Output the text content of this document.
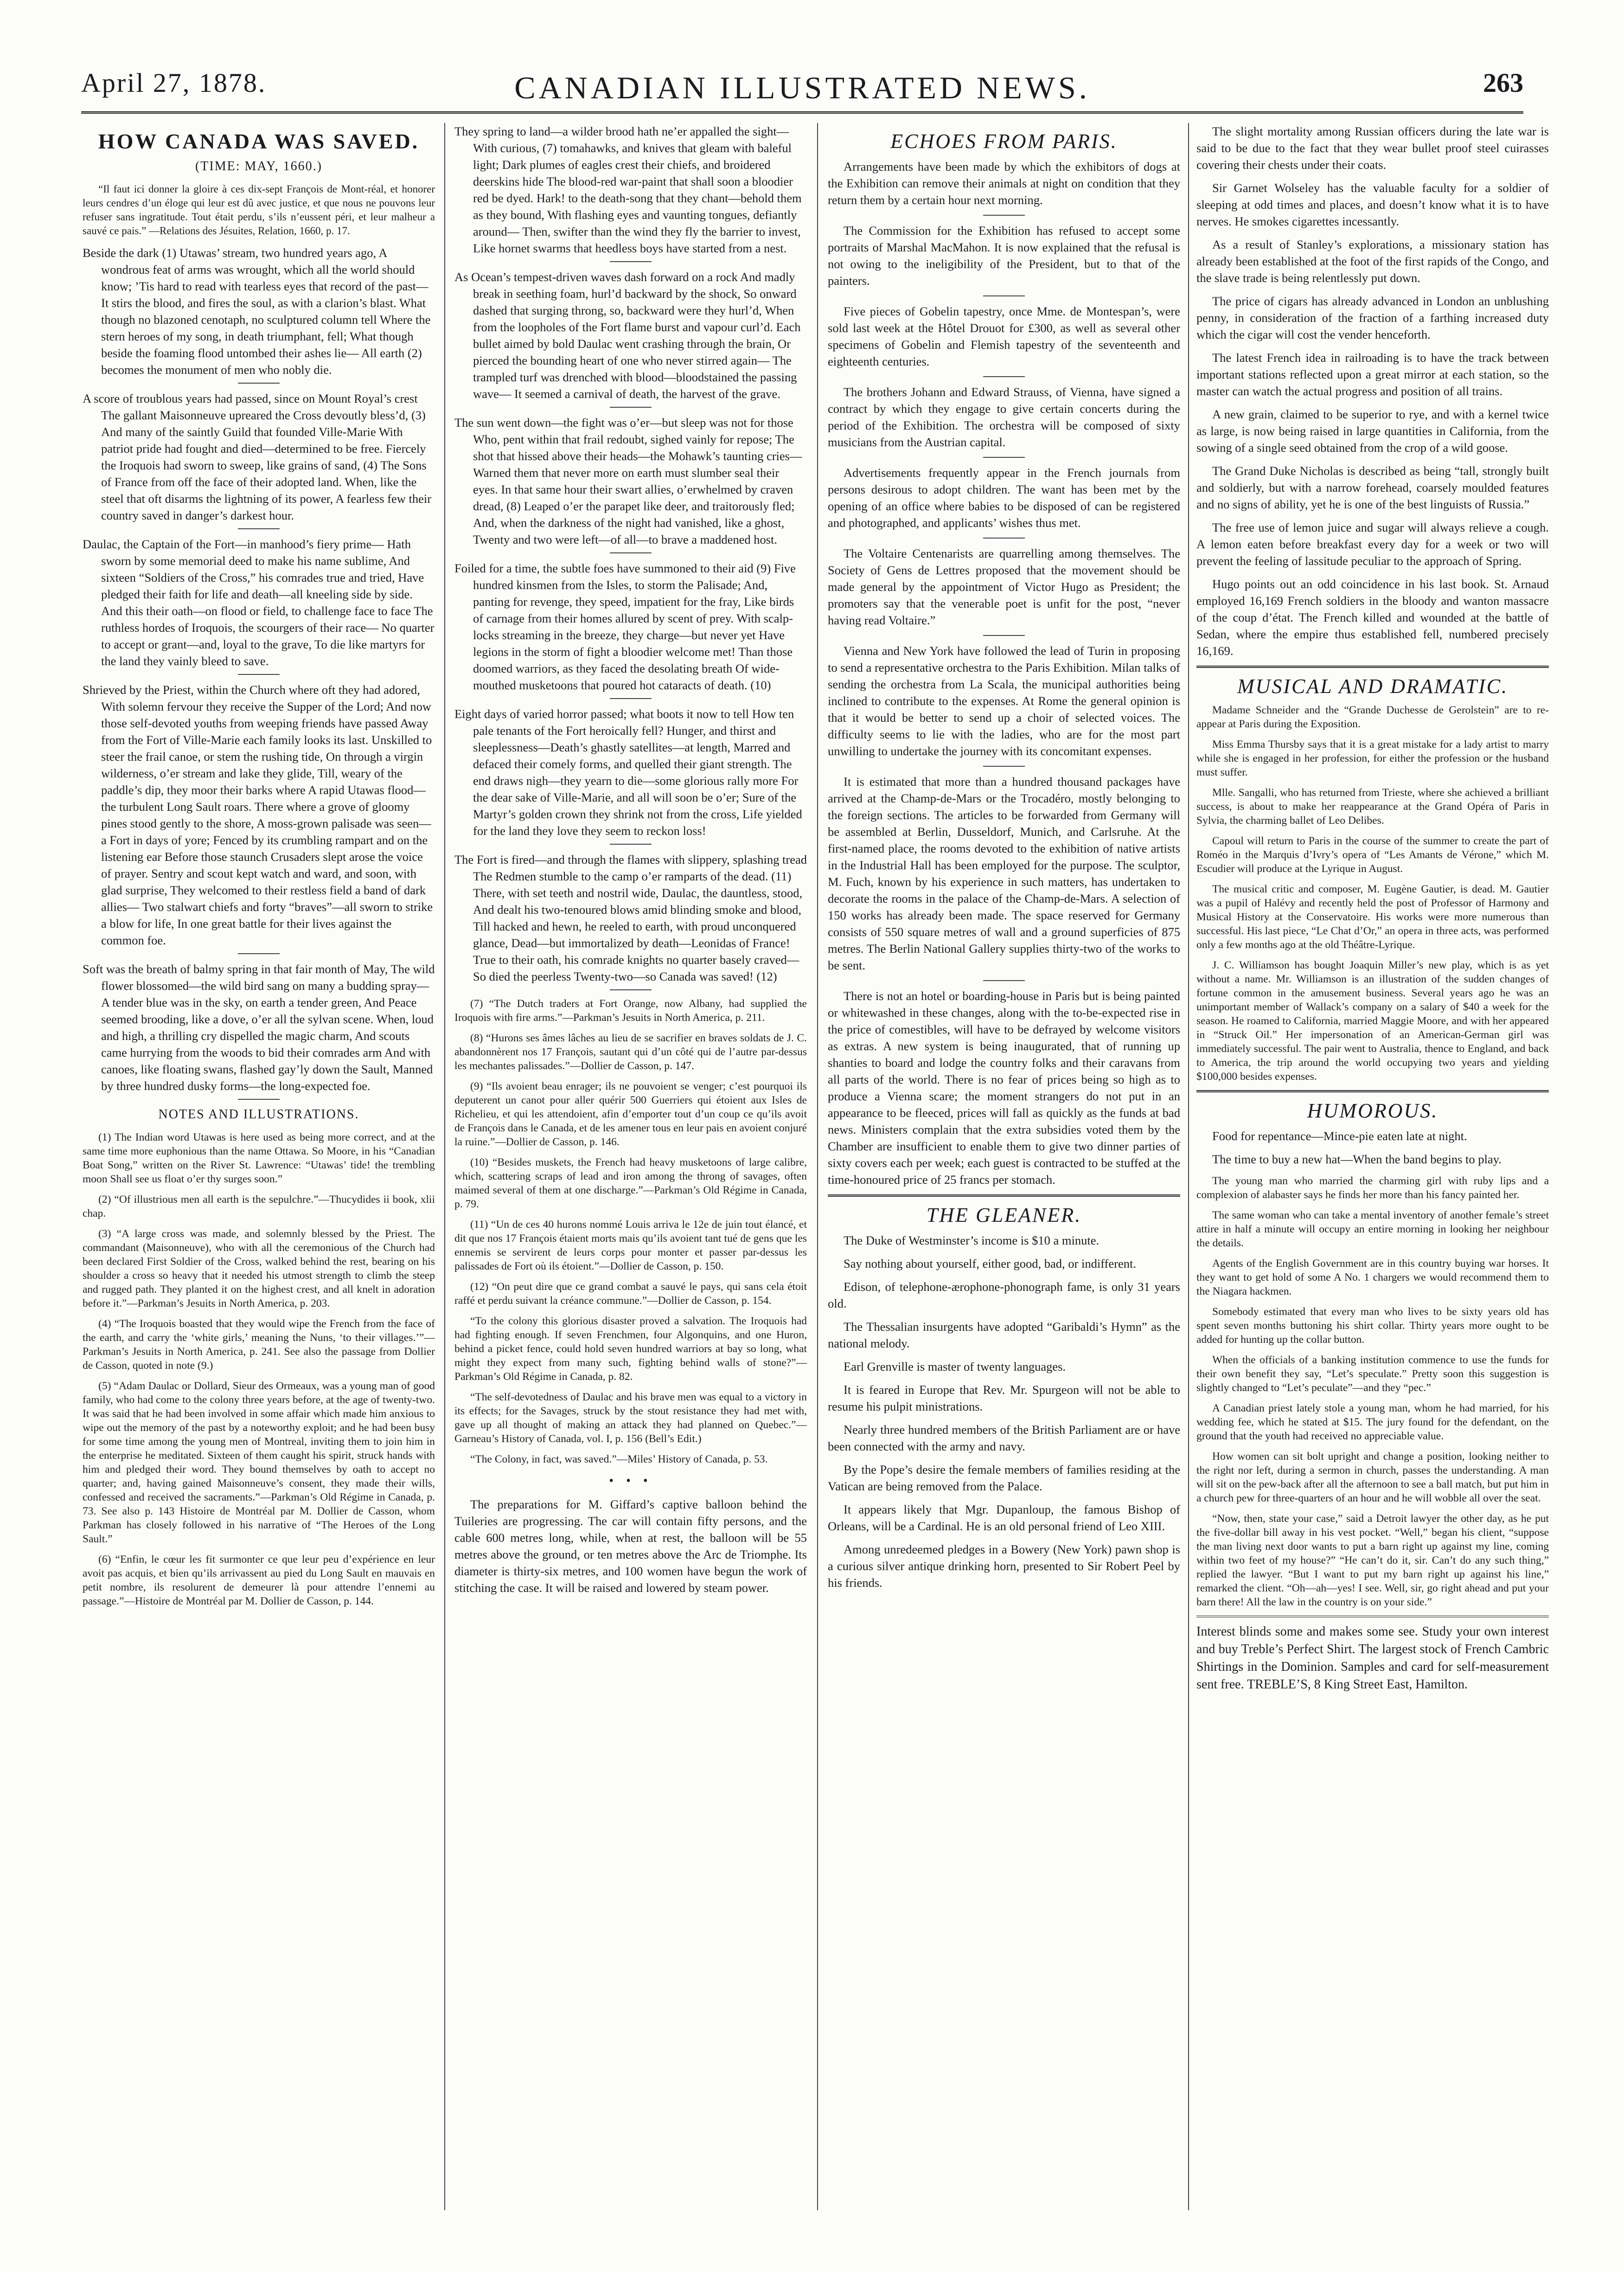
April 27, 1878.	CANADIAN ILLUSTRATED NEWS.	263
HOW CANADA WAS SAVED.
(TIME: MAY, 1660.)

“Il faut ici donner la gloire à ces dix-sept François de Mont-réal, et honorer leurs cendres d’un éloge qui leur est dû avec justice, et que nous ne pouvons leur refuser sans ingratitude. Tout était perdu, s’ils n’eussent péri, et leur malheur a sauvé ce pais.” —Relations des Jésuites, Relation, 1660, p. 17.

Beside the dark (1) Utawas’ stream, two hundred years ago, A wondrous feat of arms was wrought, which all the world should know; ’Tis hard to read with tearless eyes that record of the past— It stirs the blood, and fires the soul, as with a clarion’s blast. What though no blazoned cenotaph, no sculptured column tell Where the stern heroes of my song, in death triumphant, fell; What though beside the foaming flood untombed their ashes lie— All earth (2) becomes the monument of men who nobly die.

A score of troublous years had passed, since on Mount Royal’s crest The gallant Maisonneuve upreared the Cross devoutly bless’d, (3) And many of the saintly Guild that founded Ville-Marie With patriot pride had fought and died—determined to be free. Fiercely the Iroquois had sworn to sweep, like grains of sand, (4) The Sons of France from off the face of their adopted land. When, like the steel that oft disarms the lightning of its power, A fearless few their country saved in danger’s darkest hour.

Daulac, the Captain of the Fort—in manhood’s fiery prime— Hath sworn by some memorial deed to make his name sublime, And sixteen “Soldiers of the Cross,” his comrades true and tried, Have pledged their faith for life and death—all kneeling side by side. And this their oath—on flood or field, to challenge face to face The ruthless hordes of Iroquois, the scourgers of their race— No quarter to accept or grant—and, loyal to the grave, To die like martyrs for the land they vainly bleed to save.

Shrieved by the Priest, within the Church where oft they had adored, With solemn fervour they receive the Supper of the Lord; And now those self-devoted youths from weeping friends have passed Away from the Fort of Ville-Marie each family looks its last. Unskilled to steer the frail canoe, or stem the rushing tide, On through a virgin wilderness, o’er stream and lake they glide, Till, weary of the paddle’s dip, they moor their barks where A rapid Utawas flood—the turbulent Long Sault roars. There where a grove of gloomy pines stood gently to the shore, A moss-grown palisade was seen—a Fort in days of yore; Fenced by its crumbling rampart and on the listening ear Before those staunch Crusaders slept arose the voice of prayer. Sentry and scout kept watch and ward, and soon, with glad surprise, They welcomed to their restless field a band of dark allies— Two stalwart chiefs and forty “braves”—all sworn to strike a blow for life, In one great battle for their lives against the common foe.

Soft was the breath of balmy spring in that fair month of May, The wild flower blossomed—the wild bird sang on many a budding spray— A tender blue was in the sky, on earth a tender green, And Peace seemed brooding, like a dove, o’er all the sylvan scene. When, loud and high, a thrilling cry dispelled the magic charm, And scouts came hurrying from the woods to bid their comrades arm And with canoes, like floating swans, flashed gay’ly down the Sault, Manned by three hundred dusky forms—the long-expected foe.

NOTES AND ILLUSTRATIONS.

(1) The Indian word Utawas is here used as being more correct, and at the same time more euphonious than the name Ottawa. So Moore, in his “Canadian Boat Song,” written on the River St. Lawrence: “Utawas’ tide! the trembling moon Shall see us float o’er thy surges soon.”

(2) “Of illustrious men all earth is the sepulchre.”—Thucydides ii book, xlii chap.

(3) “A large cross was made, and solemnly blessed by the Priest. The commandant (Maisonneuve), who with all the ceremonious of the Church had been declared First Soldier of the Cross, walked behind the rest, bearing on his shoulder a cross so heavy that it needed his utmost strength to climb the steep and rugged path. They planted it on the highest crest, and all knelt in adoration before it.”—Parkman’s Jesuits in North America, p. 203.

(4) “The Iroquois boasted that they would wipe the French from the face of the earth, and carry the ‘white girls,’ meaning the Nuns, ‘to their villages.’”—Parkman’s Jesuits in North America, p. 241. See also the passage from Dollier de Casson, quoted in note (9.)

(5) “Adam Daulac or Dollard, Sieur des Ormeaux, was a young man of good family, who had come to the colony three years before, at the age of twenty-two. It was said that he had been involved in some affair which made him anxious to wipe out the memory of the past by a noteworthy exploit; and he had been busy for some time among the young men of Montreal, inviting them to join him in the enterprise he meditated. Sixteen of them caught his spirit, struck hands with him and pledged their word. They bound themselves by oath to accept no quarter; and, having gained Maisonneuve’s consent, they made their wills, confessed and received the sacraments.”—Parkman’s Old Régime in Canada, p. 73. See also p. 143 Histoire de Montréal par M. Dollier de Casson, whom Parkman has closely followed in his narrative of “The Heroes of the Long Sault.”

(6) “Enfin, le cœur les fit surmonter ce que leur peu d’expérience en leur avoit pas acquis, et bien qu’ils arrivassent au pied du Long Sault en mauvais en petit nombre, ils resolurent de demeurer là pour attendre l’ennemi au passage.”—Histoire de Montréal par M. Dollier de Casson, p. 144.

They spring to land—a wilder brood hath ne’er appalled the sight— With curious, (7) tomahawks, and knives that gleam with baleful light; Dark plumes of eagles crest their chiefs, and broidered deerskins hide The blood-red war-paint that shall soon a bloodier red be dyed. Hark! to the death-song that they chant—behold them as they bound, With flashing eyes and vaunting tongues, defiantly around— Then, swifter than the wind they fly the barrier to invest, Like hornet swarms that heedless boys have started from a nest.

As Ocean’s tempest-driven waves dash forward on a rock And madly break in seething foam, hurl’d backward by the shock, So onward dashed that surging throng, so, backward were they hurl’d, When from the loopholes of the Fort flame burst and vapour curl’d. Each bullet aimed by bold Daulac went crashing through the brain, Or pierced the bounding heart of one who never stirred again— The trampled turf was drenched with blood—bloodstained the passing wave— It seemed a carnival of death, the harvest of the grave.

The sun went down—the fight was o’er—but sleep was not for those Who, pent within that frail redoubt, sighed vainly for repose; The shot that hissed above their heads—the Mohawk’s taunting cries— Warned them that never more on earth must slumber seal their eyes. In that same hour their swart allies, o’erwhelmed by craven dread, (8) Leaped o’er the parapet like deer, and traitorously fled; And, when the darkness of the night had vanished, like a ghost, Twenty and two were left—of all—to brave a maddened host.

Foiled for a time, the subtle foes have summoned to their aid (9) Five hundred kinsmen from the Isles, to storm the Palisade; And, panting for revenge, they speed, impatient for the fray, Like birds of carnage from their homes allured by scent of prey. With scalp-locks streaming in the breeze, they charge—but never yet Have legions in the storm of fight a bloodier welcome met! Than those doomed warriors, as they faced the desolating breath Of wide-mouthed musketoons that poured hot cataracts of death. (10)

Eight days of varied horror passed; what boots it now to tell How ten pale tenants of the Fort heroically fell? Hunger, and thirst and sleeplessness—Death’s ghastly satellites—at length, Marred and defaced their comely forms, and quelled their giant strength. The end draws nigh—they yearn to die—some glorious rally more For the dear sake of Ville-Marie, and all will soon be o’er; Sure of the Martyr’s golden crown they shrink not from the cross, Life yielded for the land they love they seem to reckon loss!

The Fort is fired—and through the flames with slippery, splashing tread The Redmen stumble to the camp o’er ramparts of the dead. (11) There, with set teeth and nostril wide, Daulac, the dauntless, stood, And dealt his two-tenoured blows amid blinding smoke and blood, Till hacked and hewn, he reeled to earth, with proud unconquered glance, Dead—but immortalized by death—Leonidas of France! True to their oath, his comrade knights no quarter basely craved— So died the peerless Twenty-two—so Canada was saved! (12)

(7) “The Dutch traders at Fort Orange, now Albany, had supplied the Iroquois with fire arms.”—Parkman’s Jesuits in North America, p. 211.

(8) “Hurons ses âmes lâches au lieu de se sacrifier en braves soldats de J. C. abandonnèrent nos 17 François, sautant qui d’un côté qui de l’autre par-dessus les mechantes palissades.”—Dollier de Casson, p. 147.

(9) “Ils avoient beau enrager; ils ne pouvoient se venger; c’est pourquoi ils deputerent un canot pour aller quérir 500 Guerriers qui étoient aux Isles de Richelieu, et qui les attendoient, afin d’emporter tout d’un coup ce qu’ils avoit de François dans le Canada, et de les amener tous en leur pais en avoient conjuré la ruine.”—Dollier de Casson, p. 146.

(10) “Besides muskets, the French had heavy musketoons of large calibre, which, scattering scraps of lead and iron among the throng of savages, often maimed several of them at one discharge.”—Parkman’s Old Régime in Canada, p. 79.

(11) “Un de ces 40 hurons nommé Louis arriva le 12e de juin tout élancé, et dit que nos 17 François étaient morts mais qu’ils avoient tant tué de gens que les ennemis se servirent de leurs corps pour monter et passer par-dessus les palissades de Fort où ils étoient.”—Dollier de Casson, p. 150.

(12) “On peut dire que ce grand combat a sauvé le pays, qui sans cela étoit raffé et perdu suivant la créance commune.”—Dollier de Casson, p. 154.

“To the colony this glorious disaster proved a salvation. The Iroquois had had fighting enough. If seven Frenchmen, four Algonquins, and one Huron, behind a picket fence, could hold seven hundred warriors at bay so long, what might they expect from many such, fighting behind walls of stone?”—Parkman’s Old Régime in Canada, p. 82.

“The self-devotedness of Daulac and his brave men was equal to a victory in its effects; for the Savages, struck by the stout resistance they had met with, gave up all thought of making an attack they had planned on Quebec.”—Garneau’s History of Canada, vol. I, p. 156 (Bell’s Edit.)

“The Colony, in fact, was saved.”—Miles’ History of Canada, p. 53.

• • •

The preparations for M. Giffard’s captive balloon behind the Tuileries are progressing. The car will contain fifty persons, and the cable 600 metres long, while, when at rest, the balloon will be 55 metres above the ground, or ten metres above the Arc de Triomphe. Its diameter is thirty-six metres, and 100 women have begun the work of stitching the case. It will be raised and lowered by steam power.

ECHOES FROM PARIS.

Arrangements have been made by which the exhibitors of dogs at the Exhibition can remove their animals at night on condition that they return them by a certain hour next morning.

The Commission for the Exhibition has refused to accept some portraits of Marshal MacMahon. It is now explained that the refusal is not owing to the ineligibility of the President, but to that of the painters.

Five pieces of Gobelin tapestry, once Mme. de Montespan’s, were sold last week at the Hôtel Drouot for £300, as well as several other specimens of Gobelin and Flemish tapestry of the seventeenth and eighteenth centuries.

The brothers Johann and Edward Strauss, of Vienna, have signed a contract by which they engage to give certain concerts during the period of the Exhibition. The orchestra will be composed of sixty musicians from the Austrian capital.

Advertisements frequently appear in the French journals from persons desirous to adopt children. The want has been met by the opening of an office where babies to be disposed of can be registered and photographed, and applicants’ wishes thus met.

The Voltaire Centenarists are quarrelling among themselves. The Society of Gens de Lettres proposed that the movement should be made general by the appointment of Victor Hugo as President; the promoters say that the venerable poet is unfit for the post, “never having read Voltaire.”

Vienna and New York have followed the lead of Turin in proposing to send a representative orchestra to the Paris Exhibition. Milan talks of sending the orchestra from La Scala, the municipal authorities being inclined to contribute to the expenses. At Rome the general opinion is that it would be better to send up a choir of selected voices. The difficulty seems to lie with the ladies, who are for the most part unwilling to undertake the journey with its concomitant expenses.

It is estimated that more than a hundred thousand packages have arrived at the Champ-de-Mars or the Trocadéro, mostly belonging to the foreign sections. The articles to be forwarded from Germany will be assembled at Berlin, Dusseldorf, Munich, and Carlsruhe. At the first-named place, the rooms devoted to the exhibition of native artists in the Industrial Hall has been employed for the purpose. The sculptor, M. Fuch, known by his experience in such matters, has undertaken to decorate the rooms in the palace of the Champ-de-Mars. A selection of 150 works has already been made. The space reserved for Germany consists of 550 square metres of wall and a ground superficies of 875 metres. The Berlin National Gallery supplies thirty-two of the works to be sent.

There is not an hotel or boarding-house in Paris but is being painted or whitewashed in these changes, along with the to-be-expected rise in the price of comestibles, will have to be defrayed by welcome visitors as extras. A new system is being inaugurated, that of running up shanties to board and lodge the country folks and their caravans from all parts of the world. There is no fear of prices being so high as to produce a Vienna scare; the moment strangers do not put in an appearance to be fleeced, prices will fall as quickly as the funds at bad news. Ministers complain that the extra subsidies voted them by the Chamber are insufficient to enable them to give two dinner parties of sixty covers each per week; each guest is contracted to be stuffed at the time-honoured price of 25 francs per stomach.

THE GLEANER.

The Duke of Westminster’s income is $10 a minute.

Say nothing about yourself, either good, bad, or indifferent.

Edison, of telephone-ærophone-phonograph fame, is only 31 years old.

The Thessalian insurgents have adopted “Garibaldi’s Hymn” as the national melody.

Earl Grenville is master of twenty languages.

It is feared in Europe that Rev. Mr. Spurgeon will not be able to resume his pulpit ministrations.

Nearly three hundred members of the British Parliament are or have been connected with the army and navy.

By the Pope’s desire the female members of families residing at the Vatican are being removed from the Palace.

It appears likely that Mgr. Dupanloup, the famous Bishop of Orleans, will be a Cardinal. He is an old personal friend of Leo XIII.

Among unredeemed pledges in a Bowery (New York) pawn shop is a curious silver antique drinking horn, presented to Sir Robert Peel by his friends.

The slight mortality among Russian officers during the late war is said to be due to the fact that they wear bullet proof steel cuirasses covering their chests under their coats.

Sir Garnet Wolseley has the valuable faculty for a soldier of sleeping at odd times and places, and doesn’t know what it is to have nerves. He smokes cigarettes incessantly.

As a result of Stanley’s explorations, a missionary station has already been established at the foot of the first rapids of the Congo, and the slave trade is being relentlessly put down.

The price of cigars has already advanced in London an unblushing penny, in consideration of the fraction of a farthing increased duty which the cigar will cost the vender henceforth.

The latest French idea in railroading is to have the track between important stations reflected upon a great mirror at each station, so the master can watch the actual progress and position of all trains.

A new grain, claimed to be superior to rye, and with a kernel twice as large, is now being raised in large quantities in California, from the sowing of a single seed obtained from the crop of a wild goose.

The Grand Duke Nicholas is described as being “tall, strongly built and soldierly, but with a narrow forehead, coarsely moulded features and no signs of ability, yet he is one of the best linguists of Russia.”

The free use of lemon juice and sugar will always relieve a cough. A lemon eaten before breakfast every day for a week or two will prevent the feeling of lassitude peculiar to the approach of Spring.

Hugo points out an odd coincidence in his last book. St. Arnaud employed 16,169 French soldiers in the bloody and wanton massacre of the coup d’état. The French killed and wounded at the battle of Sedan, where the empire thus established fell, numbered precisely 16,169.

MUSICAL AND DRAMATIC.

Madame Schneider and the “Grande Duchesse de Gerolstein” are to re-appear at Paris during the Exposition.

Miss Emma Thursby says that it is a great mistake for a lady artist to marry while she is engaged in her profession, for either the profession or the husband must suffer.

Mlle. Sangalli, who has returned from Trieste, where she achieved a brilliant success, is about to make her reappearance at the Grand Opéra of Paris in Sylvia, the charming ballet of Leo Delibes.

Capoul will return to Paris in the course of the summer to create the part of Roméo in the Marquis d’Ivry’s opera of “Les Amants de Vérone,” which M. Escudier will produce at the Lyrique in August.

The musical critic and composer, M. Eugène Gautier, is dead. M. Gautier was a pupil of Halévy and recently held the post of Professor of Harmony and Musical History at the Conservatoire. His works were more numerous than successful. His last piece, “Le Chat d’Or,” an opera in three acts, was performed only a few months ago at the old Théâtre-Lyrique.

J. C. Williamson has bought Joaquin Miller’s new play, which is as yet without a name. Mr. Williamson is an illustration of the sudden changes of fortune common in the amusement business. Several years ago he was an unimportant member of Wallack’s company on a salary of $40 a week for the season. He roamed to California, married Maggie Moore, and with her appeared in “Struck Oil.” Her impersonation of an American-German girl was immediately successful. The pair went to Australia, thence to England, and back to America, the trip around the world occupying two years and yielding $100,000 besides expenses.

HUMOROUS.

Food for repentance—Mince-pie eaten late at night.

The time to buy a new hat—When the band begins to play.

The young man who married the charming girl with ruby lips and a complexion of alabaster says he finds her more than his fancy painted her.

The same woman who can take a mental inventory of another female’s street attire in half a minute will occupy an entire morning in looking her neighbour the details.

Agents of the English Government are in this country buying war horses. It they want to get hold of some A No. 1 chargers we would recommend them to the Niagara hackmen.

Somebody estimated that every man who lives to be sixty years old has spent seven months buttoning his shirt collar. Thirty years more ought to be added for hunting up the collar button.

When the officials of a banking institution commence to use the funds for their own benefit they say, “Let’s speculate.” Pretty soon this suggestion is slightly changed to “Let’s peculate”—and they “pec.”

A Canadian priest lately stole a young man, whom he had married, for his wedding fee, which he stated at $15. The jury found for the defendant, on the ground that the youth had received no appreciable value.

How women can sit bolt upright and change a position, looking neither to the right nor left, during a sermon in church, passes the understanding. A man will sit on the pew-back after all the afternoon to see a ball match, but put him in a church pew for three-quarters of an hour and he will wobble all over the seat.

“Now, then, state your case,” said a Detroit lawyer the other day, as he put the five-dollar bill away in his vest pocket. “Well,” began his client, “suppose the man living next door wants to put a barn right up against my line, coming within two feet of my house?” “He can’t do it, sir. Can’t do any such thing,” replied the lawyer. “But I want to put my barn right up against his line,” remarked the client. “Oh—ah—yes! I see. Well, sir, go right ahead and put your barn there! All the law in the country is on your side.”

Interest blinds some and makes some see. Study your own interest and buy Treble’s Perfect Shirt. The largest stock of French Cambric Shirtings in the Dominion. Samples and card for self-measurement sent free. TREBLE’S, 8 King Street East, Hamilton.
